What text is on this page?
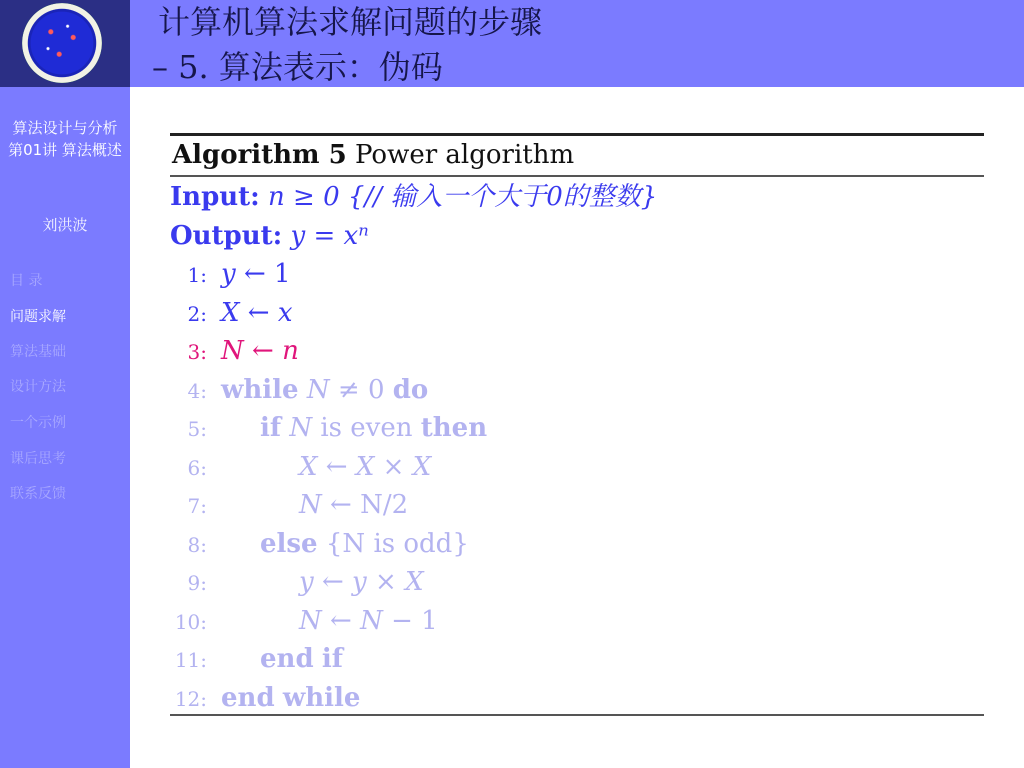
计算机算法求解问题的步骤
– 5. 算法表示：伪码
算法设计与分析
第01讲 算法概述
刘洪波
目 录
问题求解
算法基础
设计方法
一个示例
课后思考
联系反馈
Algorithm 5 Power algorithm
Input: n ≥ 0 {// 输入一个大于0的整数}
Output: y = xⁿ
1: y ← 1
2: X ← x
3: N ← n
4: while N ≠ 0 do
5: if N is even then
6:	X ← X × X
7:	N ← N/2
8: else {N is odd}
9:	y ← y × X
10:	N ← N − 1
11: end if
12: end while
